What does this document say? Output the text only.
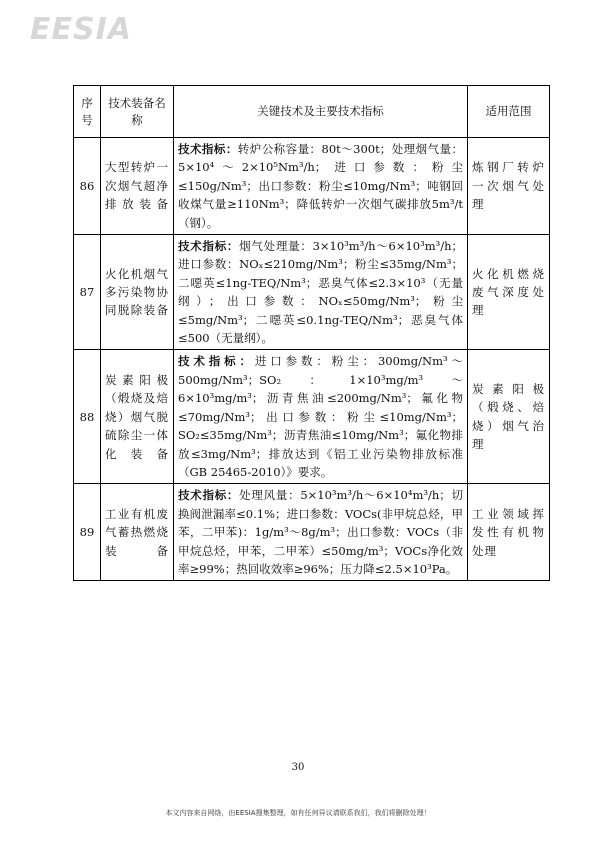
EESIA
序号	技术装备名称	关键技术及主要技术指标	适用范围
86	大型转炉一次烟气超净排放装备	技术指标：转炉公称容量：80t～300t；处理烟气量：5×10⁴～2×10⁵Nm³/h；进口参数：粉尘≤150g/Nm³；出口参数：粉尘≤10mg/Nm³；吨钢回收煤气量≥110Nm³；降低转炉一次烟气碳排放5m³/t（钢）。	炼钢厂转炉一次烟气处理

87	火化机烟气多污染物协同脱除装备	技术指标：烟气处理量：3×10³m³/h～6×10³m³/h；进口参数：NOₓ≤210mg/Nm³；粉尘≤35mg/Nm³；二噁英≤1ng-TEQ/Nm³；恶臭气体≤2.3×10³（无量纲）；出口参数：NOₓ≤50mg/Nm³；粉尘≤5mg/Nm³；二噁英≤0.1ng-TEQ/Nm³；恶臭气体≤500（无量纲）。	火化机燃烧废气深度处理

88	炭素阳极（煅烧及焙烧）烟气脱硫除尘一体化装备	技术指标：进口参数：粉尘：300mg/Nm³～500mg/Nm³；SO₂：1×10³mg/m³～6×10³mg/m³；沥青焦油≤200mg/Nm³；氟化物≤70mg/Nm³；出口参数：粉尘≤10mg/Nm³；SO₂≤35mg/Nm³；沥青焦油≤10mg/Nm³；氟化物排放≤3mg/Nm³；排放达到《铝工业污染物排放标准（GB 25465-2010）》要求。	炭素阳极（煅烧、焙烧）烟气治理

89	工业有机废气蓄热燃烧装备	技术指标：处理风量：5×10³m³/h～6×10⁴m³/h；切换阀泄漏率≤0.1%；进口参数：VOCs(非甲烷总烃，甲苯，二甲苯)：1g/m³～8g/m³；出口参数：VOCs（非甲烷总烃，甲苯，二甲苯）≤50mg/m³；VOCs净化效率≥99%；热回收效率≥96%；压力降≤2.5×10³Pa。	工业领域挥发性有机物处理
30
本文内容来自网络，由EESIA搜集整理，如有任何异议请联系我们，我们将删除处理！
